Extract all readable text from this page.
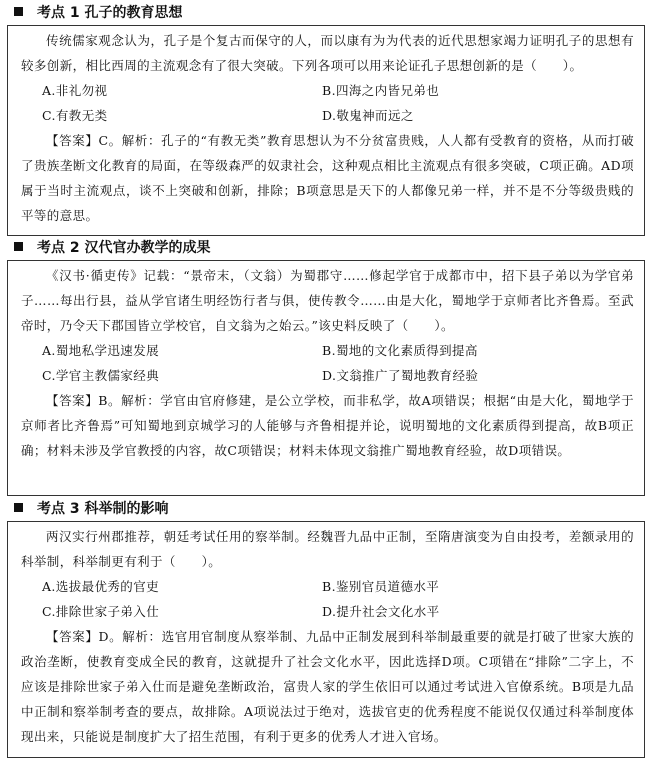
考点 1 孔子的教育思想

传统儒家观念认为，孔子是个复古而保守的人，而以康有为为代表的近代思想家竭力证明孔子的思想有较多创新，相比西周的主流观念有了很大突破。下列各项可以用来论证孔子思想创新的是（　　）。

A.非礼勿视	B.四海之内皆兄弟也
C.有教无类	D.敬鬼神而远之

【答案】C。解析：孔子的“有教无类”教育思想认为不分贫富贵贱，人人都有受教育的资格，从而打破了贵族垄断文化教育的局面，在等级森严的奴隶社会，这种观点相比主流观点有很多突破，C项正确。AD项属于当时主流观点，谈不上突破和创新，排除；B项意思是天下的人都像兄弟一样，并不是不分等级贵贱的平等的意思。

考点 2 汉代官办教学的成果

《汉书·循吏传》记载：“景帝末，（文翁）为蜀郡守……修起学官于成都市中，招下县子弟以为学官弟子……每出行县，益从学官诸生明经饬行者与俱，使传教令……由是大化，蜀地学于京师者比齐鲁焉。至武帝时，乃令天下郡国皆立学校官，自文翁为之始云。”该史料反映了（　　）。

A.蜀地私学迅速发展	B.蜀地的文化素质得到提高
C.学官主教儒家经典	D.文翁推广了蜀地教育经验

【答案】B。解析：学官由官府修建，是公立学校，而非私学，故A项错误；根据“由是大化，蜀地学于京师者比齐鲁焉”可知蜀地到京城学习的人能够与齐鲁相提并论，说明蜀地的文化素质得到提高，故B项正确；材料未涉及学官教授的内容，故C项错误；材料未体现文翁推广蜀地教育经验，故D项错误。

考点 3 科举制的影响

两汉实行州郡推荐，朝廷考试任用的察举制。经魏晋九品中正制，至隋唐演变为自由投考，差额录用的科举制，科举制更有利于（　　）。

A.选拔最优秀的官吏	B.鉴别官员道德水平
C.排除世家子弟入仕	D.提升社会文化水平

【答案】D。解析：选官用官制度从察举制、九品中正制发展到科举制最重要的就是打破了世家大族的政治垄断，使教育变成全民的教育，这就提升了社会文化水平，因此选择D项。C项错在“排除”二字上，不应该是排除世家子弟入仕而是避免垄断政治，富贵人家的学生依旧可以通过考试进入官僚系统。B项是九品中正制和察举制考查的要点，故排除。A项说法过于绝对，选拔官吏的优秀程度不能说仅仅通过科举制度体现出来，只能说是制度扩大了招生范围，有利于更多的优秀人才进入官场。
